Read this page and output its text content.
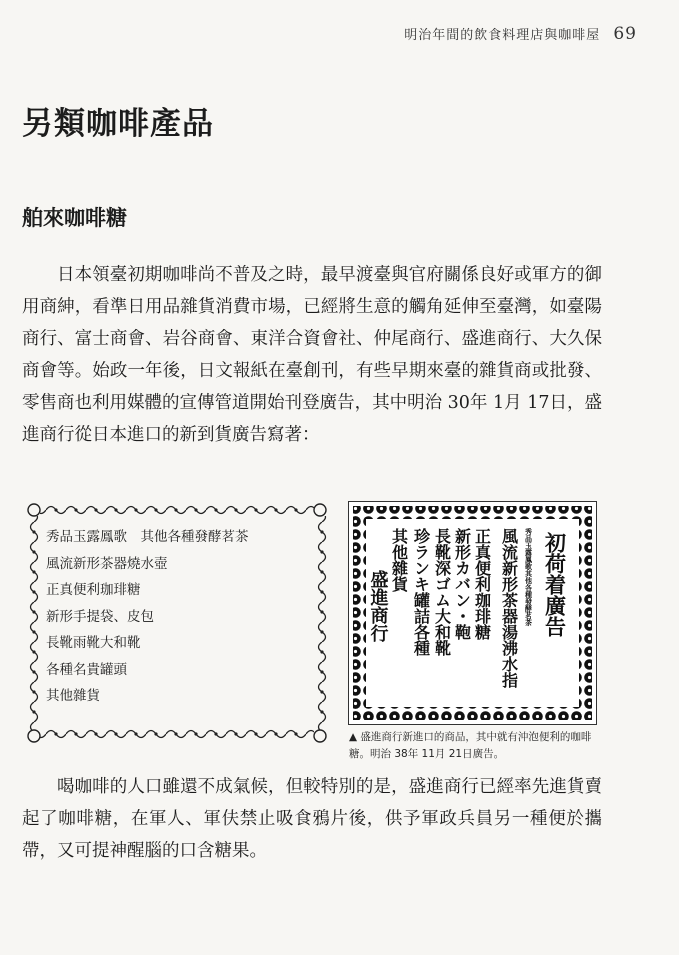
明治年間的飲食料理店與咖啡屋 69
另類咖啡產品
舶來咖啡糖

日本領臺初期咖啡尚不普及之時，最早渡臺與官府關係良好或軍方的御用商紳，看準日用品雜貨消費市場，已經將生意的觸角延伸至臺灣，如臺陽商行、富士商會、岩谷商會、東洋合資會社、仲尾商行、盛進商行、大久保商會等。始政一年後，日文報紙在臺創刊，有些早期來臺的雜貨商或批發、零售商也利用媒體的宣傳管道開始刊登廣告，其中明治 30年 1月 17日，盛進商行從日本進口的新到貨廣告寫著：

秀品玉露鳳歌　其他各種發酵茗茶
風流新形茶器燒水壺
正真便利珈琲糖
新形手提袋、皮包
長靴雨靴大和靴
各種名貴罐頭
其他雜貨
初荷着廣告
秀品玉露鳳歌其他各種發酵茗茶
風流新形茶器湯沸水指
正真便利珈琲糖
新形カバン・鞄
長靴深ゴム大和靴
珍ランキ罐詰各種
其他雜貨
盛進商行
▲ 盛進商行新進口的商品，其中就有沖泡便利的咖啡糖。明治 38年 11月 21日廣告。

喝咖啡的人口雖還不成氣候，但較特別的是，盛進商行已經率先進貨賣起了咖啡糖，在軍人、軍伕禁止吸食鴉片後，供予軍政兵員另一種便於攜帶，又可提神醒腦的口含糖果。
